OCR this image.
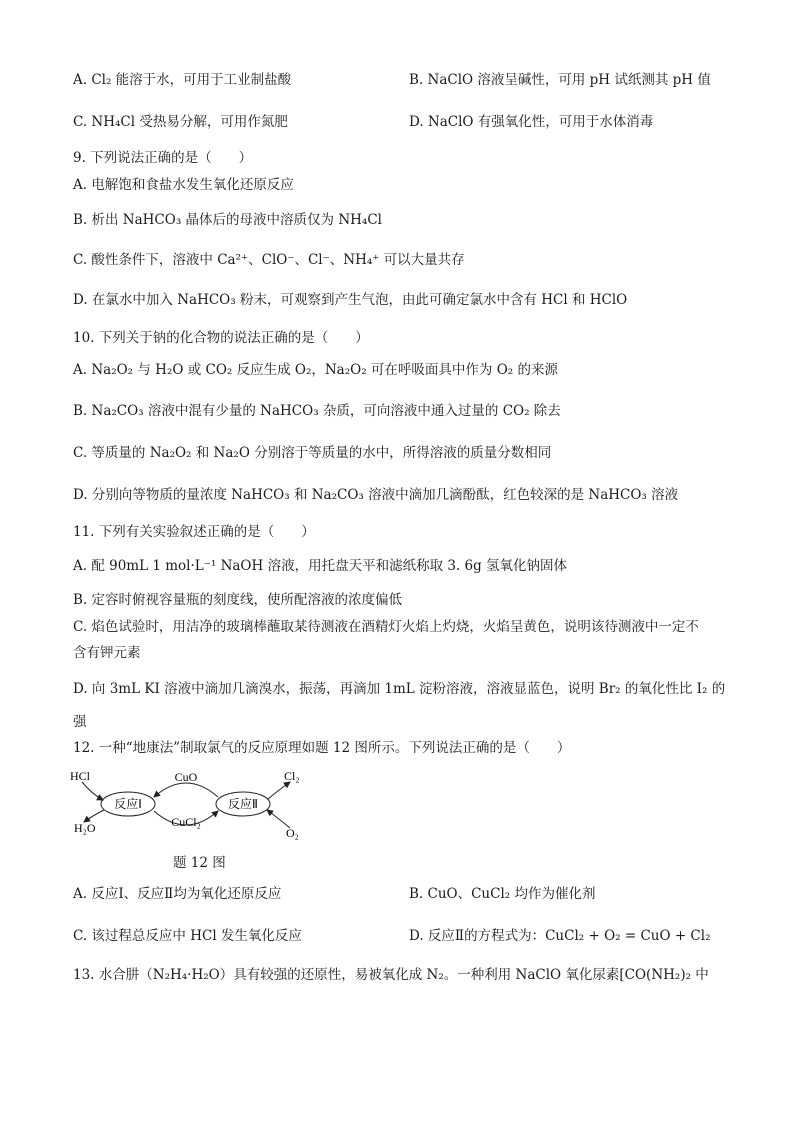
A. Cl₂ 能溶于水，可用于工业制盐酸	B. NaClO 溶液呈碱性，可用 pH 试纸测其 pH 值
C. NH₄Cl 受热易分解，可用作氮肥	D. NaClO 有强氧化性，可用于水体消毒
9. 下列说法正确的是（　　）
A. 电解饱和食盐水发生氧化还原反应
B. 析出 NaHCO₃ 晶体后的母液中溶质仅为 NH₄Cl
C. 酸性条件下，溶液中 Ca²⁺、ClO⁻、Cl⁻、NH₄⁺ 可以大量共存
D. 在氯水中加入 NaHCO₃ 粉末，可观察到产生气泡，由此可确定氯水中含有 HCl 和 HClO
10. 下列关于钠的化合物的说法正确的是（　　）
A. Na₂O₂ 与 H₂O 或 CO₂ 反应生成 O₂，Na₂O₂ 可在呼吸面具中作为 O₂ 的来源
B. Na₂CO₃ 溶液中混有少量的 NaHCO₃ 杂质，可向溶液中通入过量的 CO₂ 除去
C. 等质量的 Na₂O₂ 和 Na₂O 分别溶于等质量的水中，所得溶液的质量分数相同
D. 分别向等物质的量浓度 NaHCO₃ 和 Na₂CO₃ 溶液中滴加几滴酚酞，红色较深的是 NaHCO₃ 溶液
11. 下列有关实验叙述正确的是（　　）
A. 配 90mL 1 mol·L⁻¹ NaOH 溶液，用托盘天平和滤纸称取 3. 6g 氢氧化钠固体
B. 定容时俯视容量瓶的刻度线，使所配溶液的浓度偏低
C. 焰色试验时，用洁净的玻璃棒蘸取某待测液在酒精灯火焰上灼烧，火焰呈黄色，说明该待测液中一定不
含有钾元素
D. 向 3mL KI 溶液中滴加几滴溴水，振荡，再滴加 1mL 淀粉溶液，溶液显蓝色，说明 Br₂ 的氧化性比 I₂ 的
强
12. 一种“地康法”制取氯气的反应原理如题 12 图所示。下列说法正确的是（　　）
HCl
H₂O
反应Ⅰ	反应Ⅱ
CuO
CuCl₂
Cl₂
O₂
题 12 图
A. 反应Ⅰ、反应Ⅱ均为氧化还原反应	B. CuO、CuCl₂ 均作为催化剂
C. 该过程总反应中 HCl 发生氧化反应	D. 反应Ⅱ的方程式为：CuCl₂ + O₂ = CuO + Cl₂
13. 水合肼（N₂H₄·H₂O）具有较强的还原性，易被氧化成 N₂。一种利用 NaClO 氧化尿素[CO(NH₂)₂ 中
